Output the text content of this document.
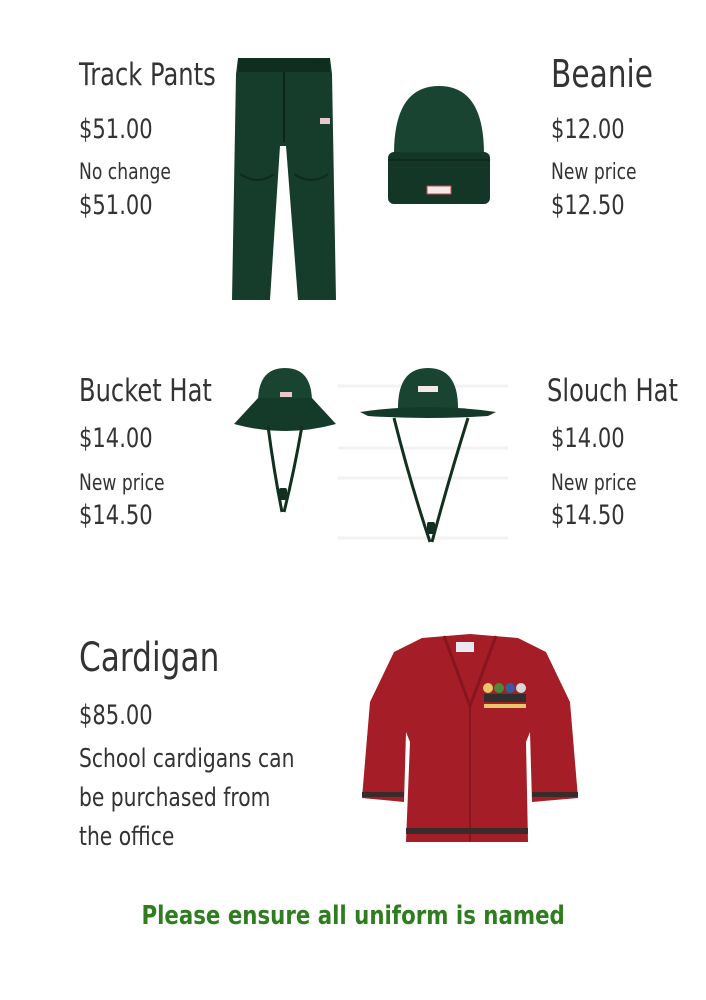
Track Pants
$51.00
No change
$51.00
Beanie
$12.00
New price
$12.50
Bucket Hat
$14.00
New price
$14.50
Slouch Hat
$14.00
New price
$14.50
Cardigan
$85.00
School cardigans can
be purchased from
the office
Please ensure all uniform is named
